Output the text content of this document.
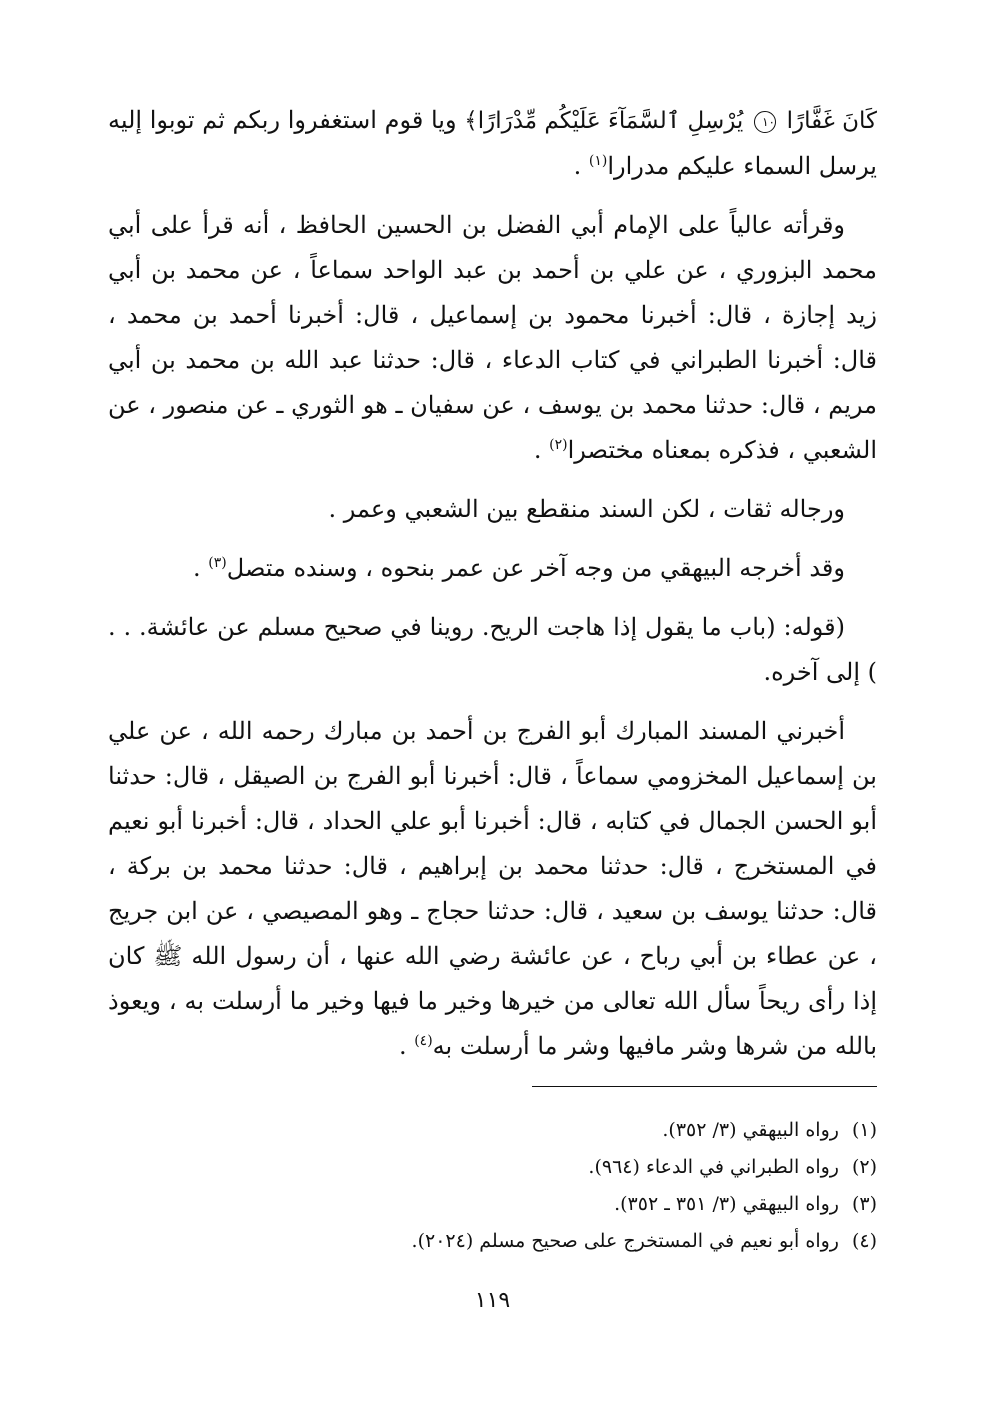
كَانَ غَفَّارًا ١٠ يُرْسِلِ ٱلسَّمَآءَ عَلَيْكُم مِّدْرَارًا﴾ ويا قوم استغفروا ربكم ثم توبوا إليه يرسل السماء عليكم مدرارا$^{(١)}$ .

وقرأته عالياً على الإمام أبي الفضل بن الحسين الحافظ ، أنه قرأ على أبي محمد البزوري ، عن علي بن أحمد بن عبد الواحد سماعاً ، عن محمد بن أبي زيد إجازة ، قال: أخبرنا محمود بن إسماعيل ، قال: أخبرنا أحمد بن محمد ، قال: أخبرنا الطبراني في كتاب الدعاء ، قال: حدثنا عبد الله بن محمد بن أبي مريم ، قال: حدثنا محمد بن يوسف ، عن سفيان ـ هو الثوري ـ عن منصور ، عن الشعبي ، فذكره بمعناه مختصرا$^{(٢)}$ .

ورجاله ثقات ، لكن السند منقطع بين الشعبي وعمر .

وقد أخرجه البيهقي من وجه آخر عن عمر بنحوه ، وسنده متصل$^{(٣)}$ .

(قوله: (باب ما يقول إذا هاجت الريح. روينا في صحيح مسلم عن عائشة. . . ) إلى آخره.

أخبرني المسند المبارك أبو الفرج بن أحمد بن مبارك رحمه الله ، عن علي بن إسماعيل المخزومي سماعاً ، قال: أخبرنا أبو الفرج بن الصيقل ، قال: حدثنا أبو الحسن الجمال في كتابه ، قال: أخبرنا أبو علي الحداد ، قال: أخبرنا أبو نعيم في المستخرج ، قال: حدثنا محمد بن إبراهيم ، قال: حدثنا محمد بن بركة ، قال: حدثنا يوسف بن سعيد ، قال: حدثنا حجاج ـ وهو المصيصي ، عن ابن جريج ، عن عطاء بن أبي رباح ، عن عائشة رضي الله عنها ، أن رسول الله ﷺ كان إذا رأى ريحاً سأل الله تعالى من خيرها وخير ما فيها وخير ما أرسلت به ، ويعوذ بالله من شرها وشر مافيها وشر ما أرسلت به$^{(٤)}$ .

(١) رواه البيهقي (٣/ ٣٥٢).

(٢) رواه الطبراني في الدعاء (٩٦٤).

(٣) رواه البيهقي (٣/ ٣٥١ ـ ٣٥٢).

(٤) رواه أبو نعيم في المستخرج على صحيح مسلم (٢٠٢٤).

١١٩
